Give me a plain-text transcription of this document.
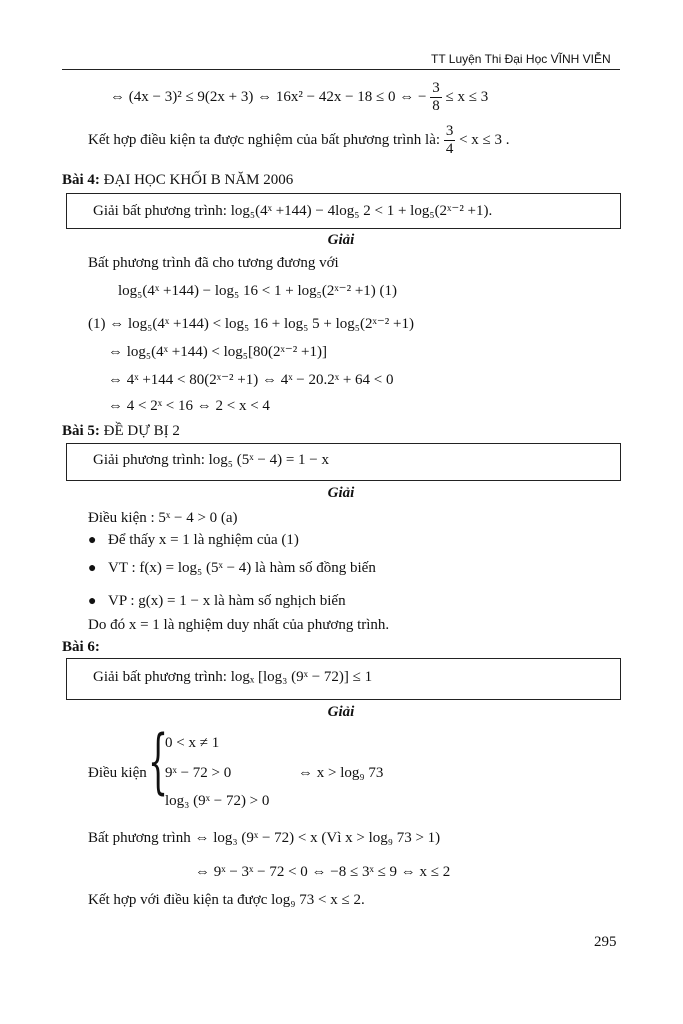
TT Luyện Thi Đại Học VĨNH VIỄN
⇔ (4x − 3)² ≤ 9(2x + 3) ⇔ 16x² − 42x − 18 ≤ 0 ⇔ − $\frac{3}{8} \le x \le 3$
Kết hợp điều kiện ta được nghiệm của bất phương trình là: $\frac{3}{4} < x \le 3$ .
Bài 4: ĐẠI HỌC KHỐI B NĂM 2006
Giải bất phương trình: log₅(4ˣ +144) − 4log₅ 2 < 1 + log₅(2ˣ⁻² +1).
Giải
Bất phương trình đã cho tương đương với
log₅(4ˣ +144) − log₅ 16 < 1 + log₅(2ˣ⁻² +1) (1)
(1) ⇔ log₅(4ˣ +144) < log₅ 16 + log₅ 5 + log₅(2ˣ⁻² +1)
⇔ log₅(4ˣ +144) < log₅[80(2ˣ⁻² +1)]
⇔ 4ˣ +144 < 80(2ˣ⁻² +1) ⇔ 4ˣ − 20.2ˣ + 64 < 0
⇔ 4 < 2ˣ < 16 ⇔ 2 < x < 4
Bài 5: ĐỀ DỰ BỊ 2
Giải phương trình: log₅ (5ˣ − 4) = 1 − x
Giải
Điều kiện : 5ˣ − 4 > 0 (a)
● Để thấy x = 1 là nghiệm của (1)
● VT : f(x) = log₅ (5ˣ − 4) là hàm số đồng biến
● VP : g(x) = 1 − x là hàm số nghịch biến
Do đó x = 1 là nghiệm duy nhất của phương trình.
Bài 6:
Giải bất phương trình: logₓ [log₃ (9ˣ − 72)] ≤ 1
Giải
Điều kiện {
0 < x ≠ 1
9ˣ − 72 > 0
log₃ (9ˣ − 72) > 0
⇔ x > log₉ 73
Bất phương trình ⇔ log₃ (9ˣ − 72) < x (Vì x > log₉ 73 > 1)
⇔ 9ˣ − 3ˣ − 72 < 0 ⇔ −8 ≤ 3ˣ ≤ 9 ⇔ x ≤ 2
Kết hợp với điều kiện ta được log₉ 73 < x ≤ 2.
295
